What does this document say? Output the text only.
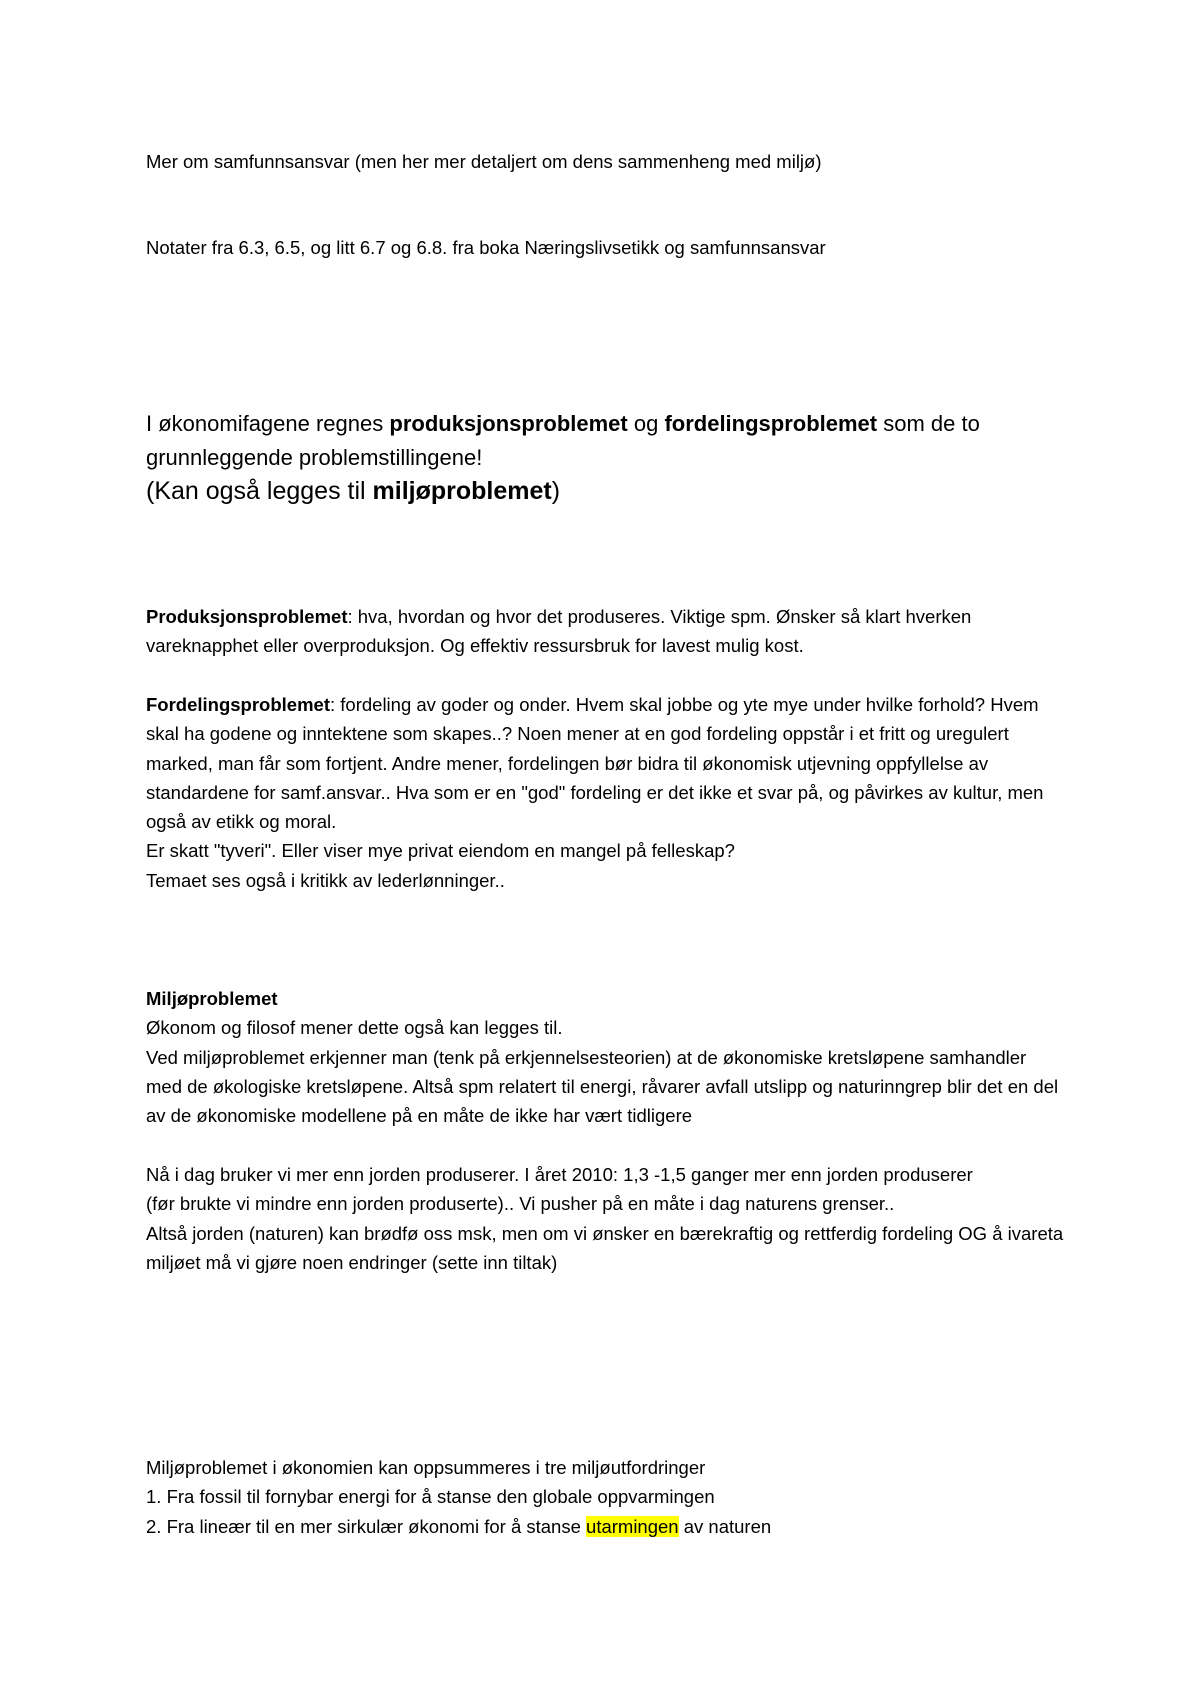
Mer om samfunnsansvar (men her mer detaljert om dens sammenheng med miljø)

Notater fra 6.3, 6.5, og litt 6.7 og 6.8. fra boka Næringslivsetikk og samfunnsansvar

I økonomifagene regnes produksjonsproblemet og fordelingsproblemet som de to grunnleggende problemstillingene!

(Kan også legges til miljøproblemet)

Produksjonsproblemet: hva, hvordan og hvor det produseres. Viktige spm. Ønsker så klart hverken vareknapphet eller overproduksjon. Og effektiv ressursbruk for lavest mulig kost.

Fordelingsproblemet: fordeling av goder og onder. Hvem skal jobbe og yte mye under hvilke forhold? Hvem skal ha godene og inntektene som skapes..? Noen mener at en god fordeling oppstår i et fritt og uregulert marked, man får som fortjent. Andre mener, fordelingen bør bidra til økonomisk utjevning oppfyllelse av standardene for samf.ansvar.. Hva som er en "god" fordeling er det ikke et svar på, og påvirkes av kultur, men også av etikk og moral.

Er skatt "tyveri". Eller viser mye privat eiendom en mangel på felleskap?

Temaet ses også i kritikk av lederlønninger..

Miljøproblemet

Økonom og filosof mener dette også kan legges til.

Ved miljøproblemet erkjenner man (tenk på erkjennelsesteorien) at de økonomiske kretsløpene samhandler med de økologiske kretsløpene. Altså spm relatert til energi, råvarer avfall utslipp og naturinngrep blir det en del av de økonomiske modellene på en måte de ikke har vært tidligere

Nå i dag bruker vi mer enn jorden produserer. I året 2010: 1,3 -1,5 ganger mer enn jorden produserer

(før brukte vi mindre enn jorden produserte).. Vi pusher på en måte i dag naturens grenser..

Altså jorden (naturen) kan brødfø oss msk, men om vi ønsker en bærekraftig og rettferdig fordeling OG å ivareta miljøet må vi gjøre noen endringer (sette inn tiltak)

Miljøproblemet i økonomien kan oppsummeres i tre miljøutfordringer

1. Fra fossil til fornybar energi for å stanse den globale oppvarmingen

2. Fra lineær til en mer sirkulær økonomi for å stanse utarmingen av naturen
